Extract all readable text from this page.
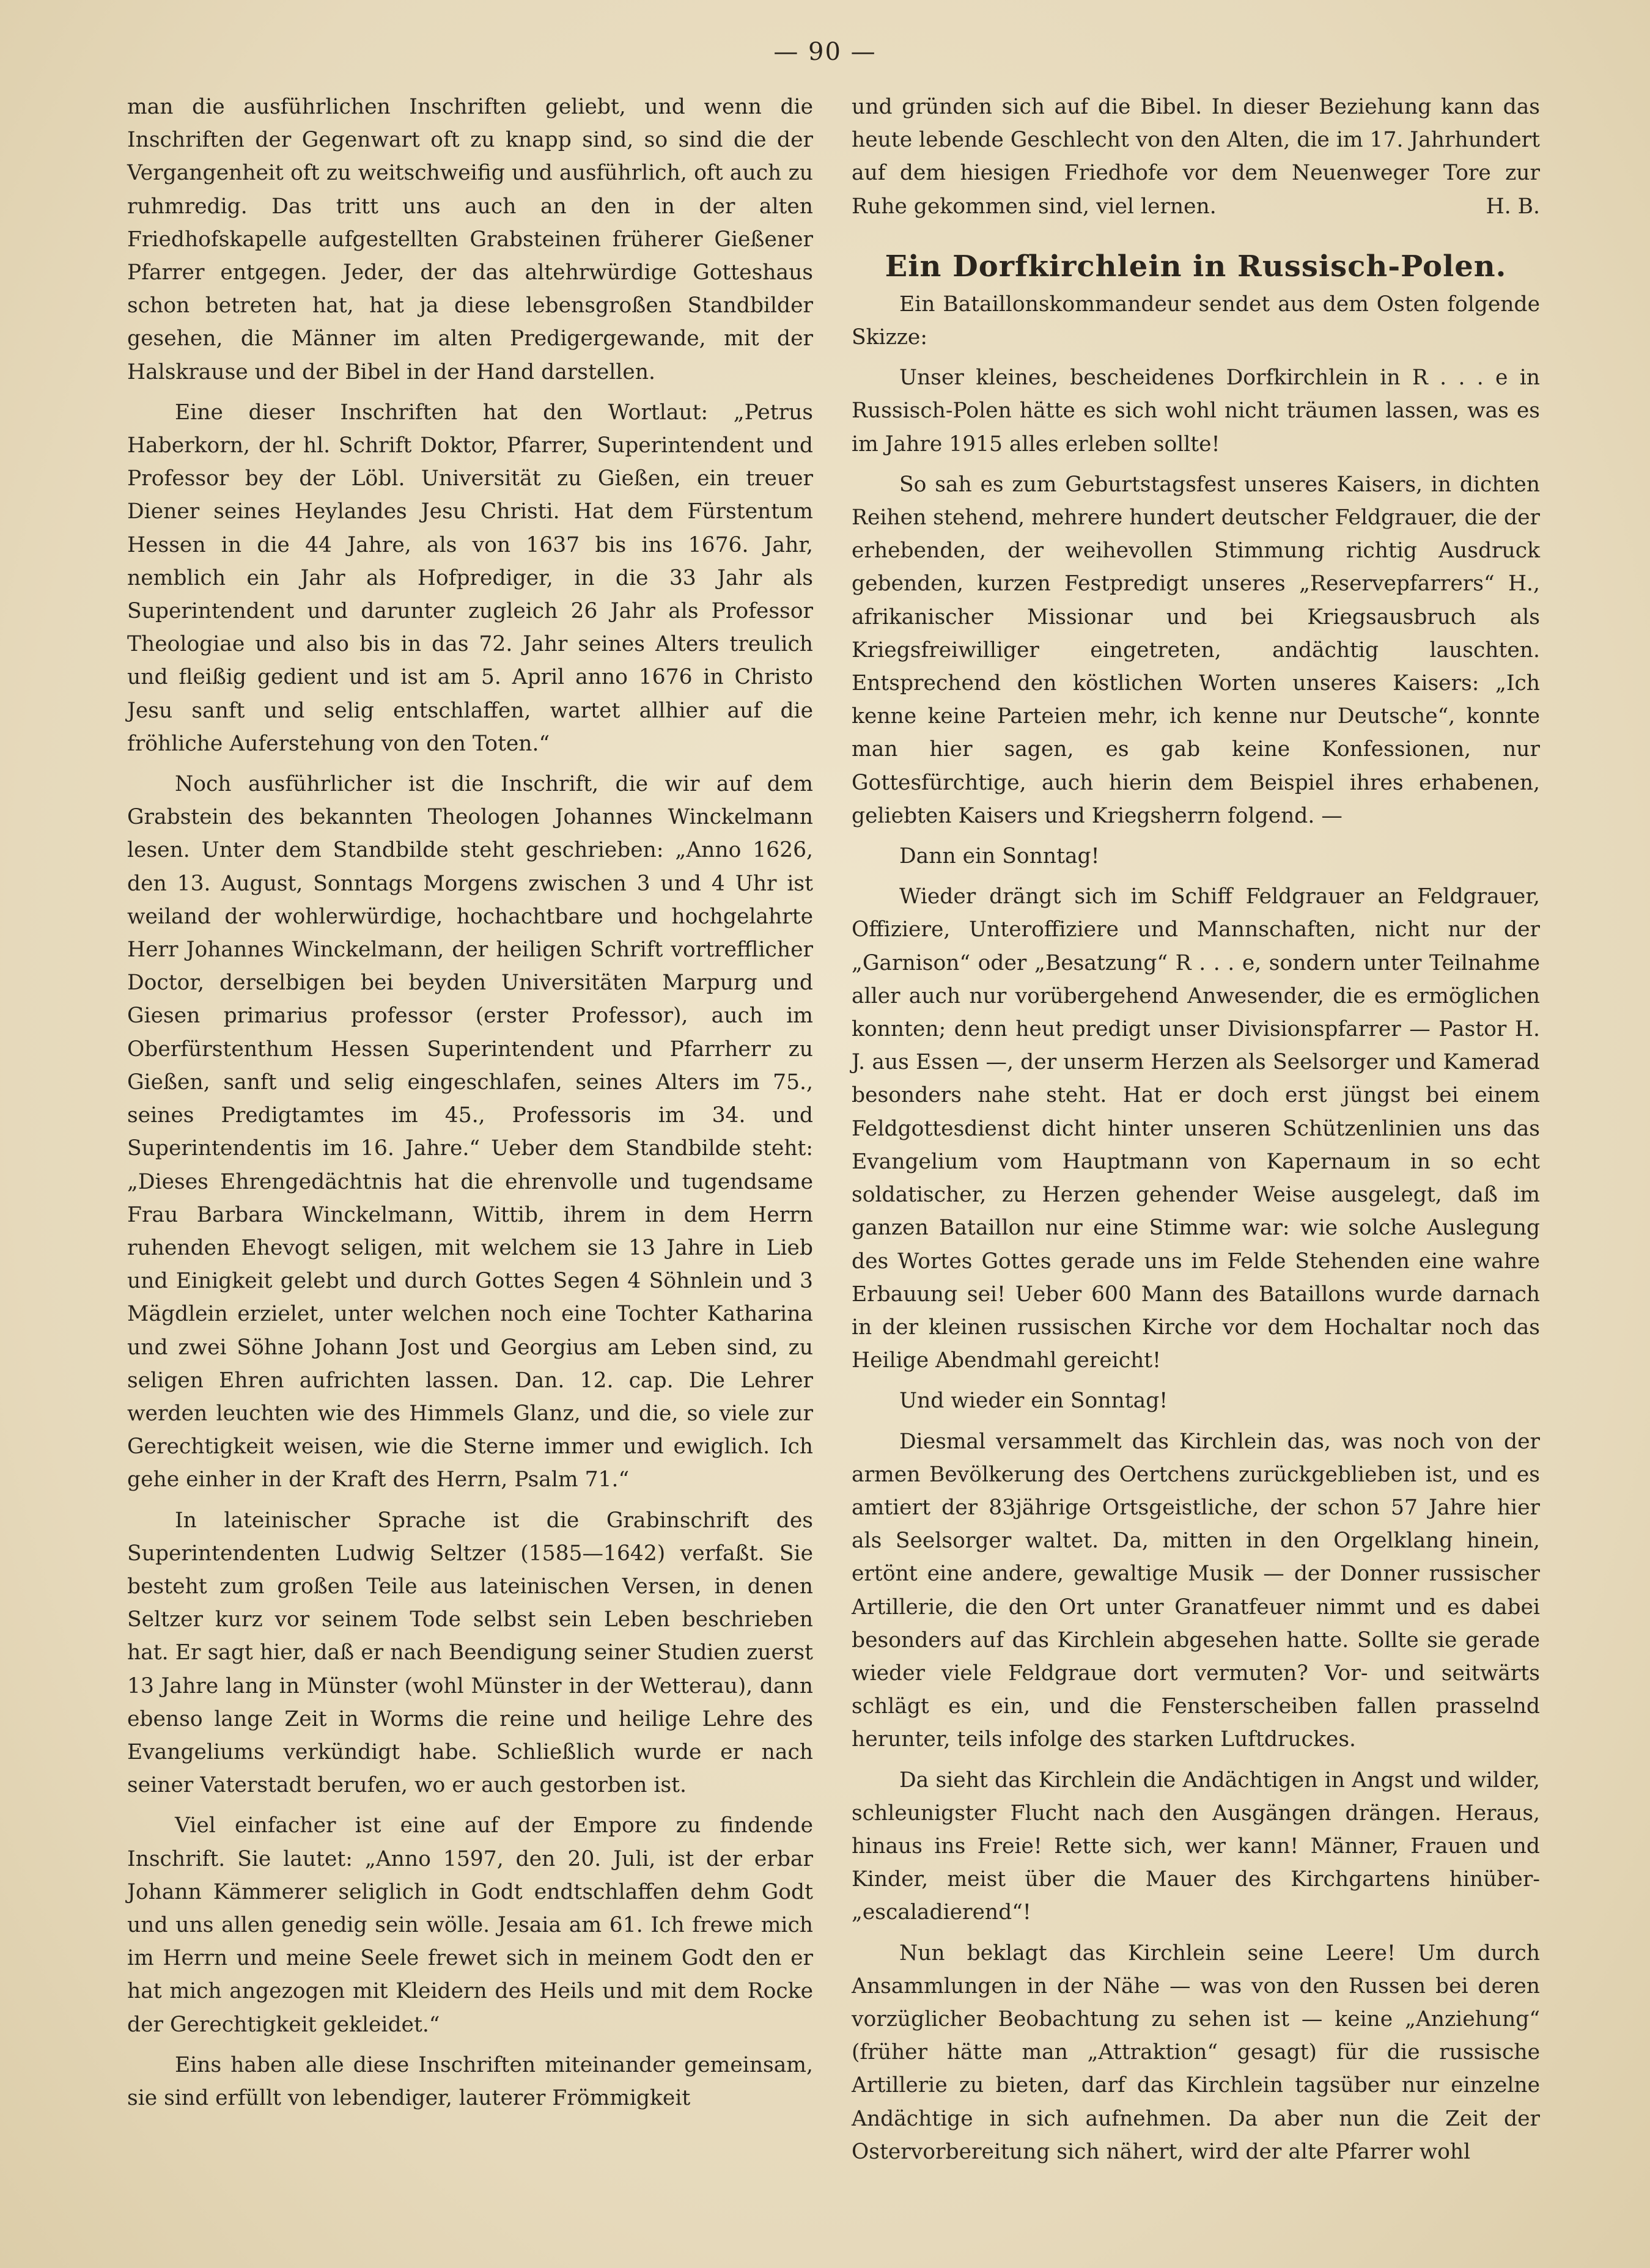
— 90 —

man die ausführlichen Inschriften geliebt, und wenn die Inschriften der Gegenwart oft zu knapp sind, so sind die der Vergangenheit oft zu weitschweifig und ausführlich, oft auch zu ruhmredig. Das tritt uns auch an den in der alten Friedhofskapelle aufgestellten Grabsteinen früherer Gießener Pfarrer entgegen. Jeder, der das altehrwürdige Gotteshaus schon betreten hat, hat ja diese lebensgroßen Standbilder gesehen, die Männer im alten Predigergewande, mit der Halskrause und der Bibel in der Hand darstellen.

Eine dieser Inschriften hat den Wortlaut: „Petrus Haberkorn, der hl. Schrift Doktor, Pfarrer, Superintendent und Professor bey der Löbl. Universität zu Gießen, ein treuer Diener seines Heylandes Jesu Christi. Hat dem Fürstentum Hessen in die 44 Jahre, als von 1637 bis ins 1676. Jahr, nemblich ein Jahr als Hofprediger, in die 33 Jahr als Superintendent und darunter zugleich 26 Jahr als Professor Theologiae und also bis in das 72. Jahr seines Alters treulich und fleißig gedient und ist am 5. April anno 1676 in Christo Jesu sanft und selig entschlaffen, wartet allhier auf die fröhliche Auferstehung von den Toten.“

Noch ausführlicher ist die Inschrift, die wir auf dem Grabstein des bekannten Theologen Johannes Winckelmann lesen. Unter dem Standbilde steht geschrieben: „Anno 1626, den 13. August, Sonntags Morgens zwischen 3 und 4 Uhr ist weiland der wohlerwürdige, hochachtbare und hochgelahrte Herr Johannes Winckelmann, der heiligen Schrift vortrefflicher Doctor, derselbigen bei beyden Universitäten Marpurg und Giesen primarius professor (erster Professor), auch im Oberfürstenthum Hessen Superintendent und Pfarrherr zu Gießen, sanft und selig eingeschlafen, seines Alters im 75., seines Predigtamtes im 45., Professoris im 34. und Superintendentis im 16. Jahre.“ Ueber dem Standbilde steht: „Dieses Ehrengedächtnis hat die ehrenvolle und tugendsame Frau Barbara Winckelmann, Wittib, ihrem in dem Herrn ruhenden Ehevogt seligen, mit welchem sie 13 Jahre in Lieb und Einigkeit gelebt und durch Gottes Segen 4 Söhnlein und 3 Mägdlein erzielet, unter welchen noch eine Tochter Katharina und zwei Söhne Johann Jost und Georgius am Leben sind, zu seligen Ehren aufrichten lassen. Dan. 12. cap. Die Lehrer werden leuchten wie des Himmels Glanz, und die, so viele zur Gerechtigkeit weisen, wie die Sterne immer und ewiglich. Ich gehe einher in der Kraft des Herrn, Psalm 71.“

In lateinischer Sprache ist die Grabinschrift des Superintendenten Ludwig Seltzer (1585—1642) verfaßt. Sie besteht zum großen Teile aus lateinischen Versen, in denen Seltzer kurz vor seinem Tode selbst sein Leben beschrieben hat. Er sagt hier, daß er nach Beendigung seiner Studien zuerst 13 Jahre lang in Münster (wohl Münster in der Wetterau), dann ebenso lange Zeit in Worms die reine und heilige Lehre des Evangeliums verkündigt habe. Schließlich wurde er nach seiner Vaterstadt berufen, wo er auch gestorben ist.

Viel einfacher ist eine auf der Empore zu findende Inschrift. Sie lautet: „Anno 1597, den 20. Juli, ist der erbar Johann Kämmerer seliglich in Godt endtschlaffen dehm Godt und uns allen genedig sein wölle. Jesaia am 61. Ich frewe mich im Herrn und meine Seele frewet sich in meinem Godt den er hat mich angezogen mit Kleidern des Heils und mit dem Rocke der Gerechtigkeit gekleidet.“

Eins haben alle diese Inschriften miteinander gemeinsam, sie sind erfüllt von lebendiger, lauterer Frömmigkeit

und gründen sich auf die Bibel. In dieser Beziehung kann das heute lebende Geschlecht von den Alten, die im 17. Jahrhundert auf dem hiesigen Friedhofe vor dem Neuenweger Tore zur Ruhe gekommen sind, viel lernen.	H. B.

Ein Dorfkirchlein in Russisch-Polen.

Ein Bataillonskommandeur sendet aus dem Osten folgende Skizze:

Unser kleines, bescheidenes Dorfkirchlein in R . . . e in Russisch-Polen hätte es sich wohl nicht träumen lassen, was es im Jahre 1915 alles erleben sollte!

So sah es zum Geburtstagsfest unseres Kaisers, in dichten Reihen stehend, mehrere hundert deutscher Feldgrauer, die der erhebenden, der weihevollen Stimmung richtig Ausdruck gebenden, kurzen Festpredigt unseres „Reservepfarrers“ H., afrikanischer Missionar und bei Kriegsausbruch als Kriegsfreiwilliger eingetreten, andächtig lauschten. Entsprechend den köstlichen Worten unseres Kaisers: „Ich kenne keine Parteien mehr, ich kenne nur Deutsche“, konnte man hier sagen, es gab keine Konfessionen, nur Gottesfürchtige, auch hierin dem Beispiel ihres erhabenen, geliebten Kaisers und Kriegsherrn folgend. —

Dann ein Sonntag!

Wieder drängt sich im Schiff Feldgrauer an Feldgrauer, Offiziere, Unteroffiziere und Mannschaften, nicht nur der „Garnison“ oder „Besatzung“ R . . . e, sondern unter Teilnahme aller auch nur vorübergehend Anwesender, die es ermöglichen konnten; denn heut predigt unser Divisionspfarrer — Pastor H. J. aus Essen —, der unserm Herzen als Seelsorger und Kamerad besonders nahe steht. Hat er doch erst jüngst bei einem Feldgottesdienst dicht hinter unseren Schützenlinien uns das Evangelium vom Hauptmann von Kapernaum in so echt soldatischer, zu Herzen gehender Weise ausgelegt, daß im ganzen Bataillon nur eine Stimme war: wie solche Auslegung des Wortes Gottes gerade uns im Felde Stehenden eine wahre Erbauung sei! Ueber 600 Mann des Bataillons wurde darnach in der kleinen russischen Kirche vor dem Hochaltar noch das Heilige Abendmahl gereicht!

Und wieder ein Sonntag!

Diesmal versammelt das Kirchlein das, was noch von der armen Bevölkerung des Oertchens zurückgeblieben ist, und es amtiert der 83jährige Ortsgeistliche, der schon 57 Jahre hier als Seelsorger waltet. Da, mitten in den Orgelklang hinein, ertönt eine andere, gewaltige Musik — der Donner russischer Artillerie, die den Ort unter Granatfeuer nimmt und es dabei besonders auf das Kirchlein abgesehen hatte. Sollte sie gerade wieder viele Feldgraue dort vermuten? Vor- und seitwärts schlägt es ein, und die Fensterscheiben fallen prasselnd herunter, teils infolge des starken Luftdruckes.

Da sieht das Kirchlein die Andächtigen in Angst und wilder, schleunigster Flucht nach den Ausgängen drängen. Heraus, hinaus ins Freie! Rette sich, wer kann! Männer, Frauen und Kinder, meist über die Mauer des Kirchgartens hinüber-„escaladierend“!

Nun beklagt das Kirchlein seine Leere! Um durch Ansammlungen in der Nähe — was von den Russen bei deren vorzüglicher Beobachtung zu sehen ist — keine „Anziehung“ (früher hätte man „Attraktion“ gesagt) für die russische Artillerie zu bieten, darf das Kirchlein tagsüber nur einzelne Andächtige in sich aufnehmen. Da aber nun die Zeit der Ostervorbereitung sich nähert, wird der alte Pfarrer wohl
